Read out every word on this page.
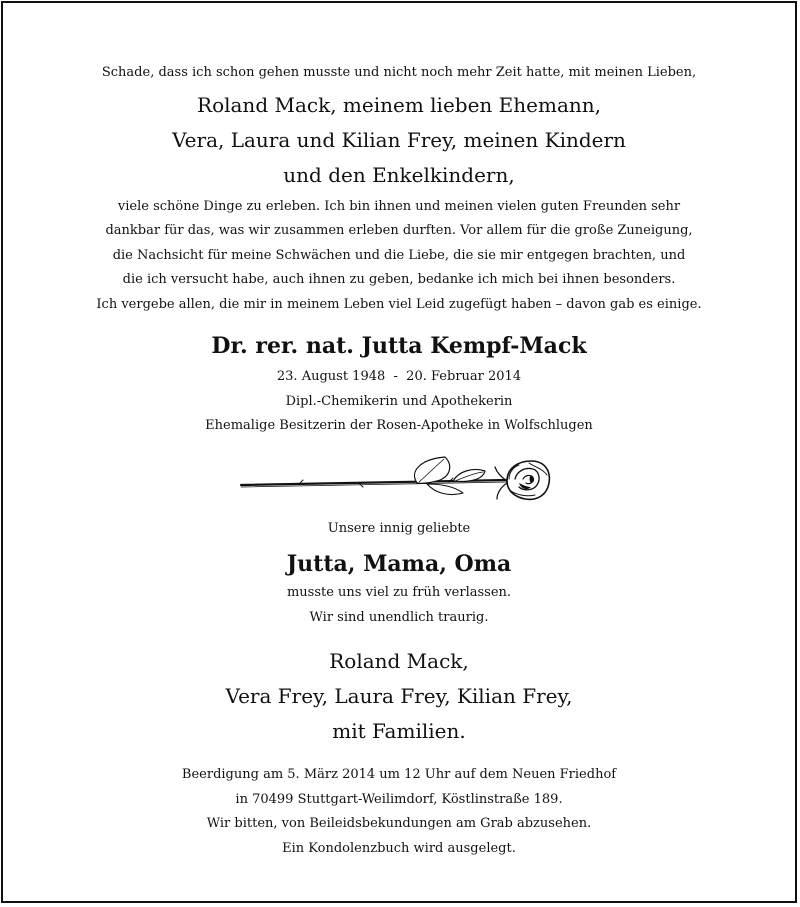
Schade, dass ich schon gehen musste und nicht noch mehr Zeit hatte, mit meinen Lieben,
Roland Mack, meinem lieben Ehemann,
Vera, Laura und Kilian Frey, meinen Kindern
und den Enkelkindern,
viele schöne Dinge zu erleben. Ich bin ihnen und meinen vielen guten Freunden sehr
dankbar für das, was wir zusammen erleben durften. Vor allem für die große Zuneigung,
die Nachsicht für meine Schwächen und die Liebe, die sie mir entgegen brachten, und
die ich versucht habe, auch ihnen zu geben, bedanke ich mich bei ihnen besonders.
Ich vergebe allen, die mir in meinem Leben viel Leid zugefügt haben – davon gab es einige.
Dr. rer. nat. Jutta Kempf-Mack
23. August 1948  -  20. Februar 2014
Dipl.-Chemikerin und Apothekerin
Ehemalige Besitzerin der Rosen-Apotheke in Wolfschlugen
Unsere innig geliebte
Jutta, Mama, Oma
musste uns viel zu früh verlassen.
Wir sind unendlich traurig.
Roland Mack,
Vera Frey, Laura Frey, Kilian Frey,
mit Familien.
Beerdigung am 5. März 2014 um 12 Uhr auf dem Neuen Friedhof
in 70499 Stuttgart-Weilimdorf, Köstlinstraße 189.
Wir bitten, von Beileidsbekundungen am Grab abzusehen.
Ein Kondolenzbuch wird ausgelegt.
